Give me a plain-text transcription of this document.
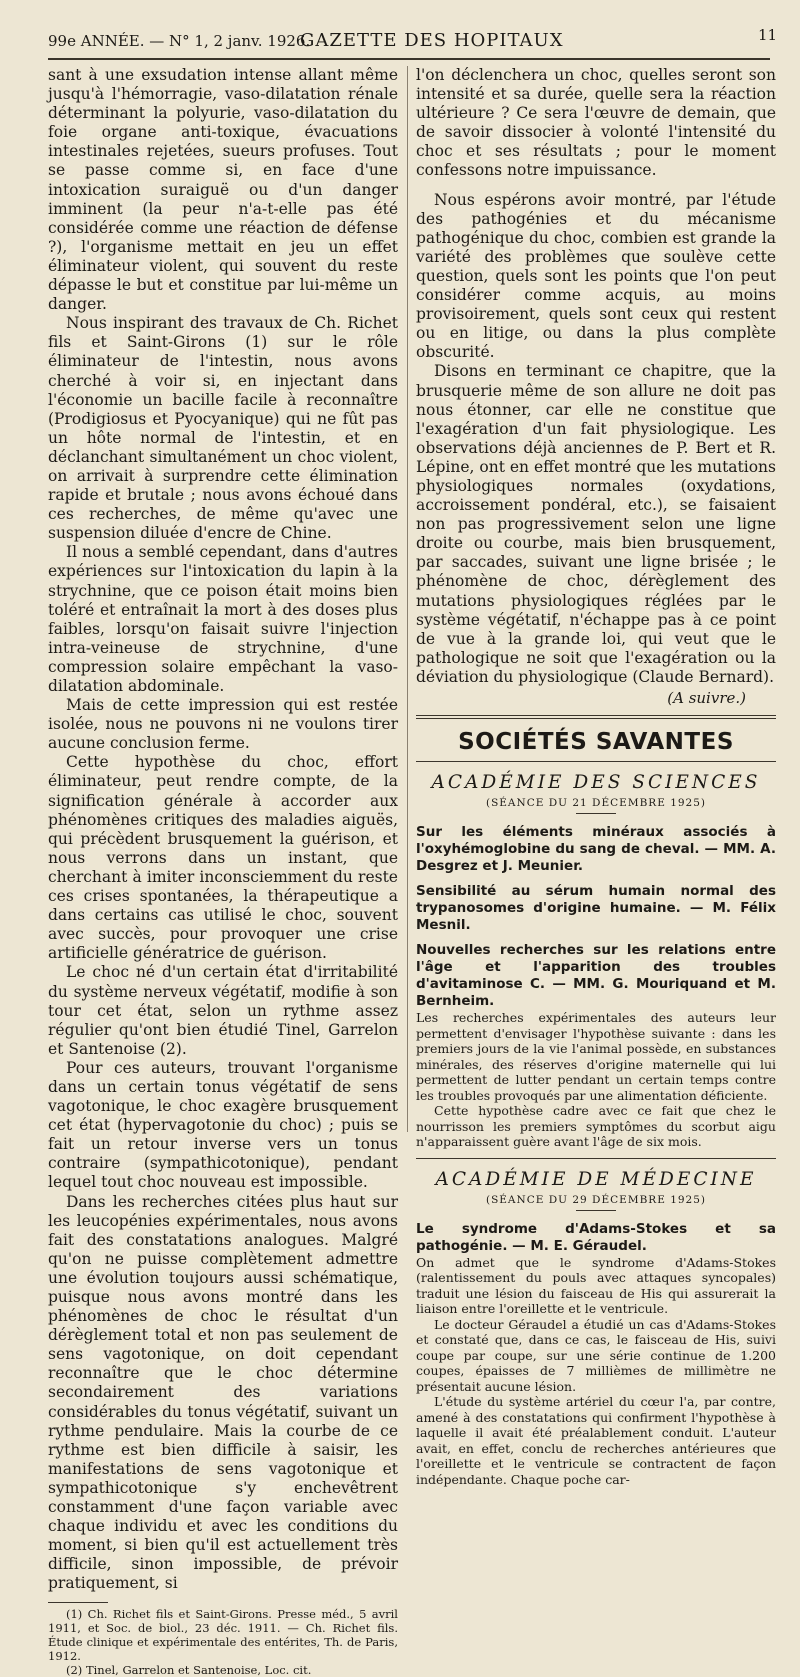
99e ANNÉE. — N° 1, 2 janv. 1926.
GAZETTE DES HOPITAUX	11

sant à une exsudation intense allant même jusqu'à l'hémorragie, vaso-dilatation rénale déterminant la polyurie, vaso-dilatation du foie organe anti-toxique, évacuations intestinales rejetées, sueurs profuses. Tout se passe comme si, en face d'une intoxication suraiguë ou d'un danger imminent (la peur n'a-t-elle pas été considérée comme une réaction de défense ?), l'organisme mettait en jeu un effet éliminateur violent, qui souvent du reste dépasse le but et constitue par lui-même un danger.

Nous inspirant des travaux de Ch. Richet fils et Saint-Girons (1) sur le rôle éliminateur de l'intestin, nous avons cherché à voir si, en injectant dans l'économie un bacille facile à reconnaître (Prodigiosus et Pyocyanique) qui ne fût pas un hôte normal de l'intestin, et en déclanchant simultanément un choc violent, on arrivait à surprendre cette élimination rapide et brutale ; nous avons échoué dans ces recherches, de même qu'avec une suspension diluée d'encre de Chine.

Il nous a semblé cependant, dans d'autres expériences sur l'intoxication du lapin à la strychnine, que ce poison était moins bien toléré et entraînait la mort à des doses plus faibles, lorsqu'on faisait suivre l'injection intra-veineuse de strychnine, d'une compression solaire empêchant la vaso-dilatation abdominale.

Mais de cette impression qui est restée isolée, nous ne pouvons ni ne voulons tirer aucune conclusion ferme.

Cette hypothèse du choc, effort éliminateur, peut rendre compte, de la signification générale à accorder aux phénomènes critiques des maladies aiguës, qui précèdent brusquement la guérison, et nous verrons dans un instant, que cherchant à imiter inconsciemment du reste ces crises spontanées, la thérapeutique a dans certains cas utilisé le choc, souvent avec succès, pour provoquer une crise artificielle génératrice de guérison.

Le choc né d'un certain état d'irritabilité du système nerveux végétatif, modifie à son tour cet état, selon un rythme assez régulier qu'ont bien étudié Tinel, Garrelon et Santenoise (2).

Pour ces auteurs, trouvant l'organisme dans un certain tonus végétatif de sens vagotonique, le choc exagère brusquement cet état (hypervagotonie du choc) ; puis se fait un retour inverse vers un tonus contraire (sympathicotonique), pendant lequel tout choc nouveau est impossible.

Dans les recherches citées plus haut sur les leucopénies expérimentales, nous avons fait des constatations analogues. Malgré qu'on ne puisse complètement admettre une évolution toujours aussi schématique, puisque nous avons montré dans les phénomènes de choc le résultat d'un dérèglement total et non pas seulement de sens vagotonique, on doit cependant reconnaître que le choc détermine secondairement des variations considérables du tonus végétatif, suivant un rythme pendulaire. Mais la courbe de ce rythme est bien difficile à saisir, les manifestations de sens vagotonique et sympathicotonique s'y enchevêtrent constamment d'une façon variable avec chaque individu et avec les conditions du moment, si bien qu'il est actuellement très difficile, sinon impossible, de prévoir pratiquement, si

(1) Ch. Richet fils et Saint-Girons. Presse méd., 5 avril 1911, et Soc. de biol., 23 déc. 1911. — Ch. Richet fils. Étude clinique et expérimentale des entérites, Th. de Paris, 1912.

(2) Tinel, Garrelon et Santenoise, Loc. cit.

l'on déclenchera un choc, quelles seront son intensité et sa durée, quelle sera la réaction ultérieure ? Ce sera l'œuvre de demain, que de savoir dissocier à volonté l'intensité du choc et ses résultats ; pour le moment confessons notre impuissance.

Nous espérons avoir montré, par l'étude des pathogénies et du mécanisme pathogénique du choc, combien est grande la variété des problèmes que soulève cette question, quels sont les points que l'on peut considérer comme acquis, au moins provisoirement, quels sont ceux qui restent ou en litige, ou dans la plus complète obscurité.

Disons en terminant ce chapitre, que la brusquerie même de son allure ne doit pas nous étonner, car elle ne constitue que l'exagération d'un fait physiologique. Les observations déjà anciennes de P. Bert et R. Lépine, ont en effet montré que les mutations physiologiques normales (oxydations, accroissement pondéral, etc.), se faisaient non pas progressivement selon une ligne droite ou courbe, mais bien brusquement, par saccades, suivant une ligne brisée ; le phénomène de choc, dérèglement des mutations physiologiques réglées par le système végétatif, n'échappe pas à ce point de vue à la grande loi, qui veut que le pathologique ne soit que l'exagération ou la déviation du physiologique (Claude Bernard).

(A suivre.)

SOCIÉTÉS SAVANTES
ACADÉMIE DES SCIENCES
(SÉANCE DU 21 DÉCEMBRE 1925)

Sur les éléments minéraux associés à l'oxyhémoglobine du sang de cheval. — MM. A. Desgrez et J. Meunier.

Sensibilité au sérum humain normal des trypanosomes d'origine humaine. — M. Félix Mesnil.

Nouvelles recherches sur les relations entre l'âge et l'apparition des troubles d'avitaminose C. — MM. G. Mouriquand et M. Bernheim.

Les recherches expérimentales des auteurs leur permettent d'envisager l'hypothèse suivante : dans les premiers jours de la vie l'animal possède, en substances minérales, des réserves d'origine maternelle qui lui permettent de lutter pendant un certain temps contre les troubles provoqués par une alimentation déficiente.

Cette hypothèse cadre avec ce fait que chez le nourrisson les premiers symptômes du scorbut aigu n'apparaissent guère avant l'âge de six mois.

ACADÉMIE DE MÉDECINE
(SÉANCE DU 29 DÉCEMBRE 1925)

Le syndrome d'Adams-Stokes et sa pathogénie. — M. E. Géraudel.

On admet que le syndrome d'Adams-Stokes (ralentissement du pouls avec attaques syncopales) traduit une lésion du faisceau de His qui assurerait la liaison entre l'oreillette et le ventricule.

Le docteur Géraudel a étudié un cas d'Adams-Stokes et constaté que, dans ce cas, le faisceau de His, suivi coupe par coupe, sur une série continue de 1.200 coupes, épaisses de 7 millièmes de millimètre ne présentait aucune lésion.

L'étude du système artériel du cœur l'a, par contre, amené à des constatations qui confirment l'hypothèse à laquelle il avait été préalablement conduit. L'auteur avait, en effet, conclu de recherches antérieures que l'oreillette et le ventricule se contractent de façon indépendante. Chaque poche car-
